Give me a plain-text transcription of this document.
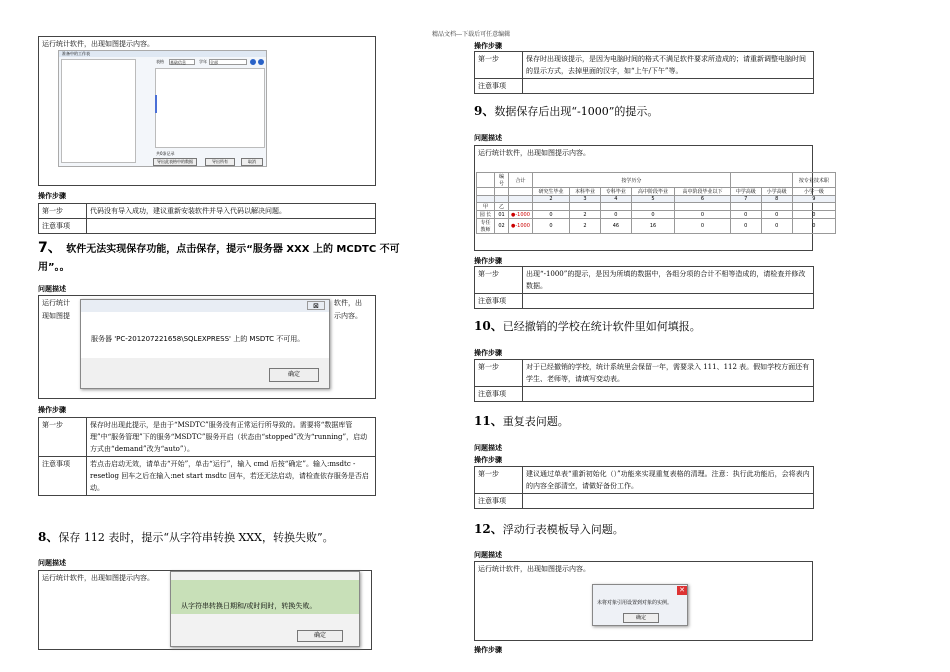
精品文档---下载后可任意编辑
运行统计软件，出现如图提示内容。
准备中的工作表
表格 基础信息	学年 全部
共0条记录
导出此表格中的数据	导出所有	取消
操作步骤
第一步	代码没有导入成功，建议重新安装软件并导入代码以解决问题。
注意事项	
7、 软件无法实现保存功能，点击保存，提示“服务器 XXX 上的 MCDTC 不可
用”。。
问题描述
运行统计
现如图提
软件，出
示内容。
⊠
服务器 'PC-201207221658\SQLEXPRESS' 上的 MSDTC 不可用。
确定
操作步骤
第一步	保存时出现此提示，是由于“MSDTC”服务没有正常运行所导致的。需要将“数据库管理”中“服务管理”下的服务“MSDTC”服务开启（状态由“stopped”改为“running”，启动方式由“demand”改为“auto”）。
注意事项	若点击启动无效，请单击“开始”，单击“运行”，输入 cmd 后按“确定”。输入:msdtc -resetlog 回车之后在输入:net start msdtc 回车，若还无法启动，请检查依存服务是否启动。
8、保存 112 表时，提示“从字符串转换 XXX，转换失败”。
问题描述
运行统计软件，出现如图提示内容。
从字符串转换日期和/或时间时，转换失败。
确定
操作步骤
第一步	保存时出现该提示，是因为电脑时间的格式不满足软件要求所造成的；请重新调整电脑时间的显示方式，去掉里面的汉字，如“上午/下午”等。
注意事项	
9、数据保存后出现“-1000”的提示。
问题描述
运行统计软件，出现如图提示内容。
	编号	合计	按学历分							按专业技术职
			研究生毕业	本科毕业	专科毕业	高中阶段毕业	高中阶段毕业以下	中学高级	小学高级	小学一级
			2	3	4	5	6	7	8	9
甲	乙									
园 长	01	●-1000	0	2	0	0	0	0	0	0
专任教师	02	●-1000	0	2	46	16	0	0	0	0
操作步骤
第一步	出现“-1000”的提示，是因为所填的数据中，各组分项的合计不相等造成的，请检查并修改数据。
注意事项	
10、已经撤销的学校在统计软件里如何填报。
操作步骤
第一步	对于已经撤销的学校，统计系统里会保留一年，需要录入 111、112 表。假如学校方面还有学生、老师等，请填写变动表。
注意事项	
11、重复表问题。
问题描述
操作步骤
第一步	建议通过单表“重新初始化（）”功能来实现重复表格的清理。注意：执行此功能后，会将表内的内容全部清空，请做好备份工作。
注意事项	
12、浮动行表模板导入问题。
问题描述
运行统计软件，出现如图提示内容。
✕
未将对象引用设置到对象的实例。
确定
操作步骤
